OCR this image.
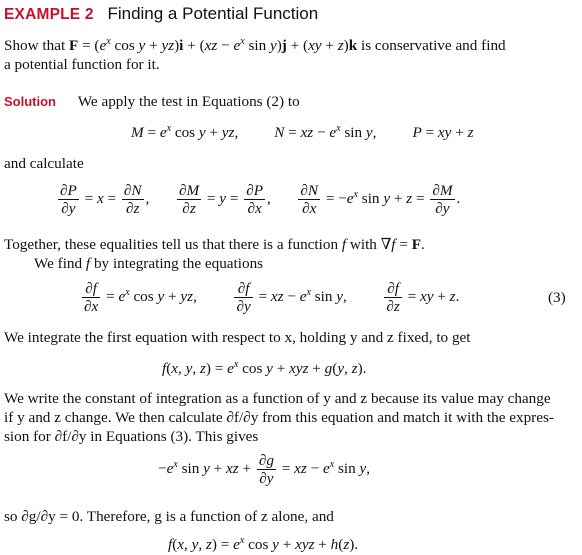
EXAMPLE 2 Finding a Potential Function
Show that $F = (e^x$ $\cos y + yz)i + (xz - e^x$ sin y)j + (xy + z)k is conservative and find
a potential function for it.
Solution We apply the test in Equations (2) to
$M = e^x$ cos y + yz, N = xz − $e^x$ sin y, P = xy + z
and calculate
$\frac{\partial P}{\partial y} = x = \frac{\partial N}{\partial z}$ , $\frac{\partial M}{\partial z} = y = \frac{\partial P}{\partial x}$ , $\frac{\partial N}{\partial x} = -e^x$ $\sin y + z = \frac{\partial M}{\partial y}$ .
Together, these equalities tell us that there is a function f with ∇f = F.
We find f by integrating the equations
$\frac{\partial f}{\partial x} = e^x$ cos y + yz, $\frac{\partial f}{\partial y}$ = xz − $e^x$ sin y, $\frac{\partial f}{\partial z}$ = xy + z.	(3)
We integrate the first equation with respect to x, holding y and z fixed, to get
f(x, y, $z) = e^x$ cos y + xyz + g(y, z).
We write the constant of integration as a function of y and z because its value may change
if y and z change. We then calculate ∂f/∂y from this equation and match it with the expres-
sion for ∂f/∂y in Equations (3). This gives
$-e^x$ sin y + xz + $\frac{\partial g}{\partial y}$ = xz − $e^x$ sin y,
so ∂g/∂y = 0. Therefore, g is a function of z alone, and
f(x, y, $z) = e^x$ cos y + xyz + h(z).
